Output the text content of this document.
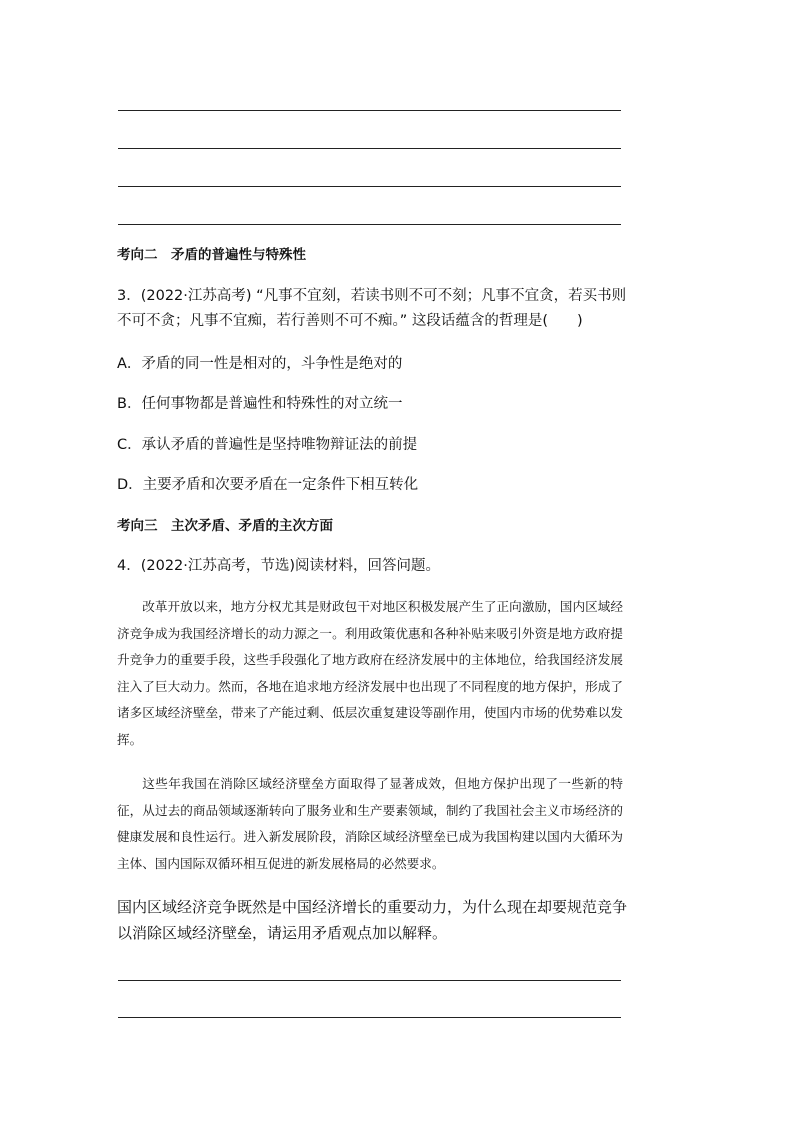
考向二　矛盾的普遍性与特殊性
3．(2022·江苏高考) “凡事不宜刻，若读书则不可不刻；凡事不宜贪，若买书则不可不贪；凡事不宜痴，若行善则不可不痴。” 这段话蕴含的哲理是(　　)
A．矛盾的同一性是相对的，斗争性是绝对的
B．任何事物都是普遍性和特殊性的对立统一
C．承认矛盾的普遍性是坚持唯物辩证法的前提
D．主要矛盾和次要矛盾在一定条件下相互转化
考向三　主次矛盾、矛盾的主次方面
4．(2022·江苏高考，节选)阅读材料，回答问题。

改革开放以来，地方分权尤其是财政包干对地区积极发展产生了正向激励，国内区域经济竞争成为我国经济增长的动力源之一。利用政策优惠和各种补贴来吸引外资是地方政府提升竞争力的重要手段，这些手段强化了地方政府在经济发展中的主体地位，给我国经济发展注入了巨大动力。然而，各地在追求地方经济发展中也出现了不同程度的地方保护，形成了诸多区域经济壁垒，带来了产能过剩、低层次重复建设等副作用，使国内市场的优势难以发挥。

这些年我国在消除区域经济壁垒方面取得了显著成效，但地方保护出现了一些新的特征，从过去的商品领域逐渐转向了服务业和生产要素领域，制约了我国社会主义市场经济的健康发展和良性运行。进入新发展阶段，消除区域经济壁垒已成为我国构建以国内大循环为主体、国内国际双循环相互促进的新发展格局的必然要求。

国内区域经济竞争既然是中国经济增长的重要动力，为什么现在却要规范竞争以消除区域经济壁垒，请运用矛盾观点加以解释。
